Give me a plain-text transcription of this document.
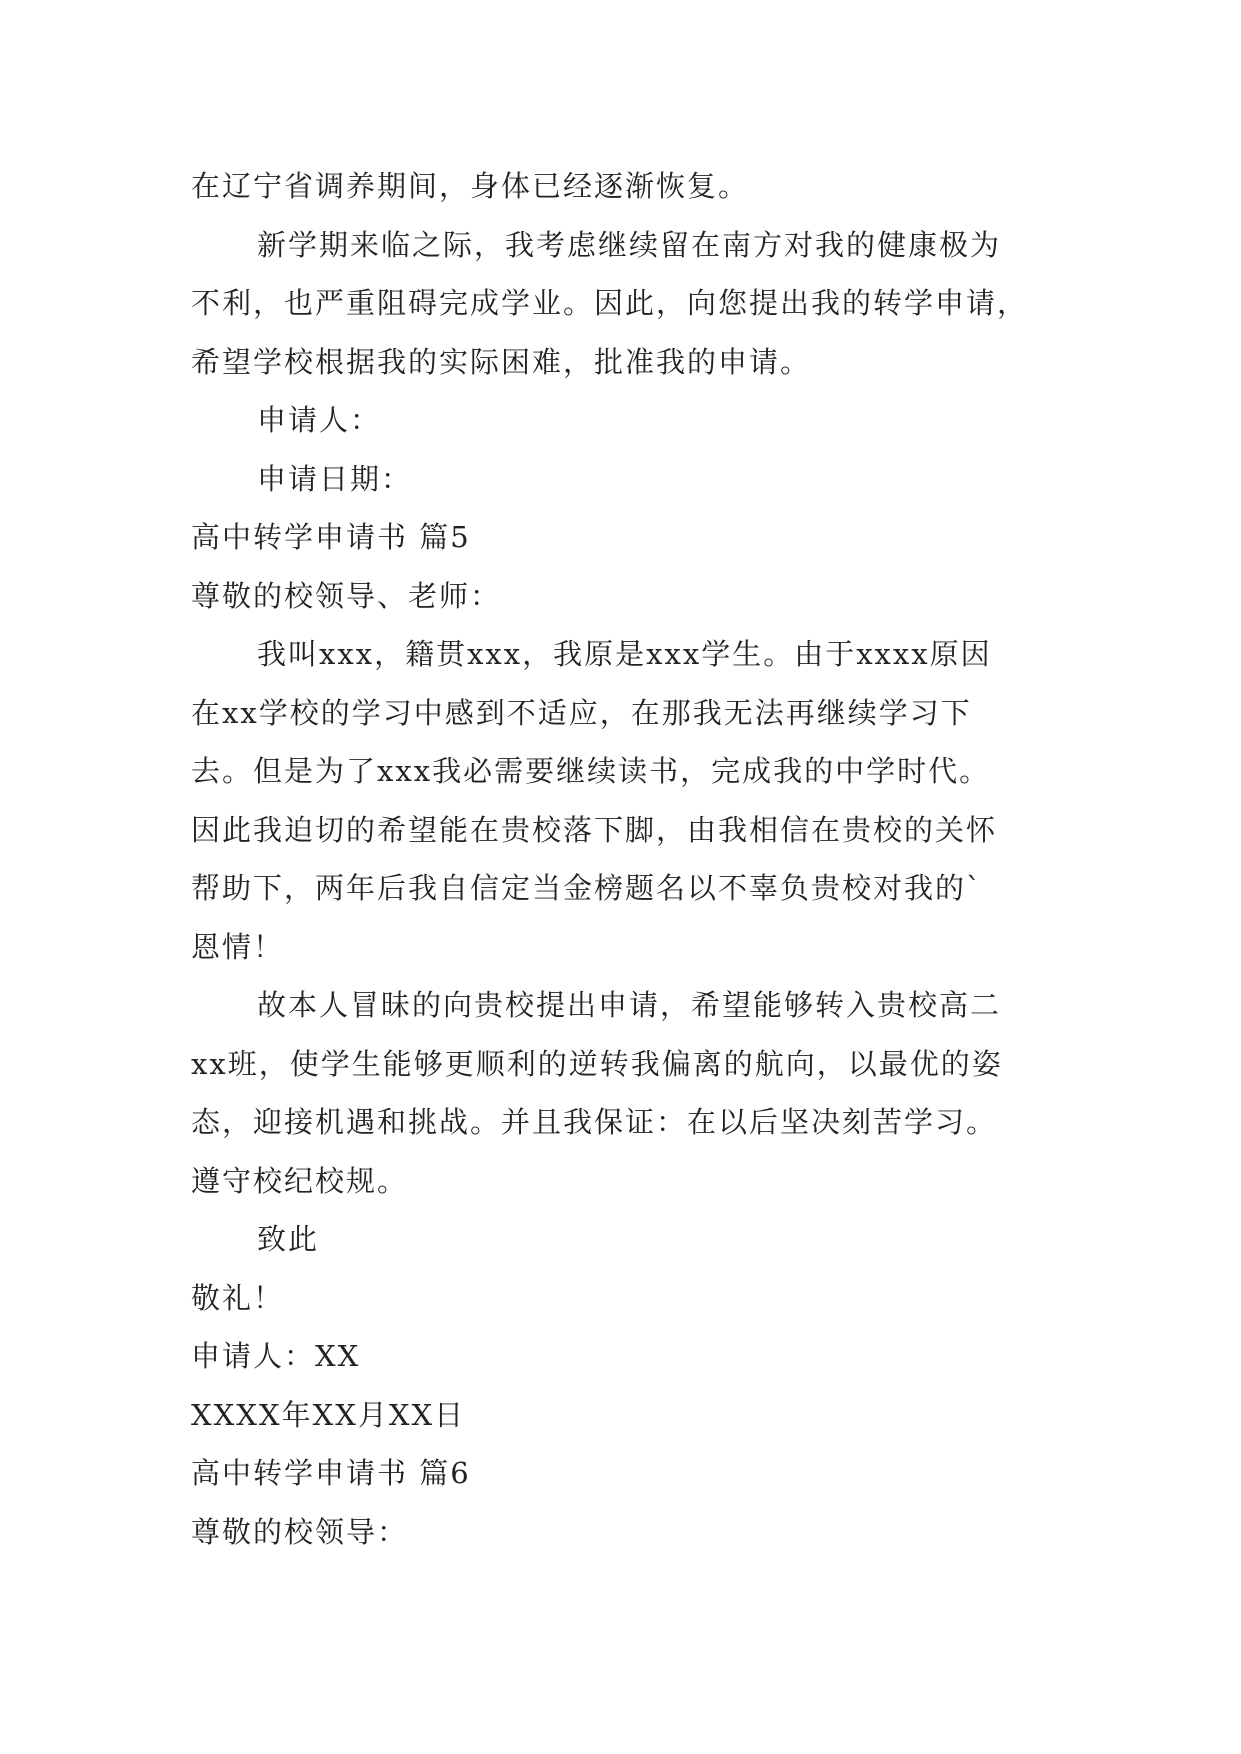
在辽宁省调养期间，身体已经逐渐恢复。
新学期来临之际，我考虑继续留在南方对我的健康极为
不利，也严重阻碍完成学业。因此，向您提出我的转学申请，
希望学校根据我的实际困难，批准我的申请。
申请人：
申请日期：
高中转学申请书 篇5
尊敬的校领导、老师：
我叫xxx，籍贯xxx，我原是xxx学生。由于xxxx原因
在xx学校的学习中感到不适应，在那我无法再继续学习下
去。但是为了xxx我必需要继续读书，完成我的中学时代。
因此我迫切的希望能在贵校落下脚，由我相信在贵校的关怀
帮助下，两年后我自信定当金榜题名以不辜负贵校对我的`
恩情！
故本人冒昧的向贵校提出申请，希望能够转入贵校高二
xx班，使学生能够更顺利的逆转我偏离的航向，以最优的姿
态，迎接机遇和挑战。并且我保证：在以后坚决刻苦学习。
遵守校纪校规。
致此
敬礼！
申请人：XX
XXXX年XX月XX日
高中转学申请书 篇6
尊敬的校领导：
